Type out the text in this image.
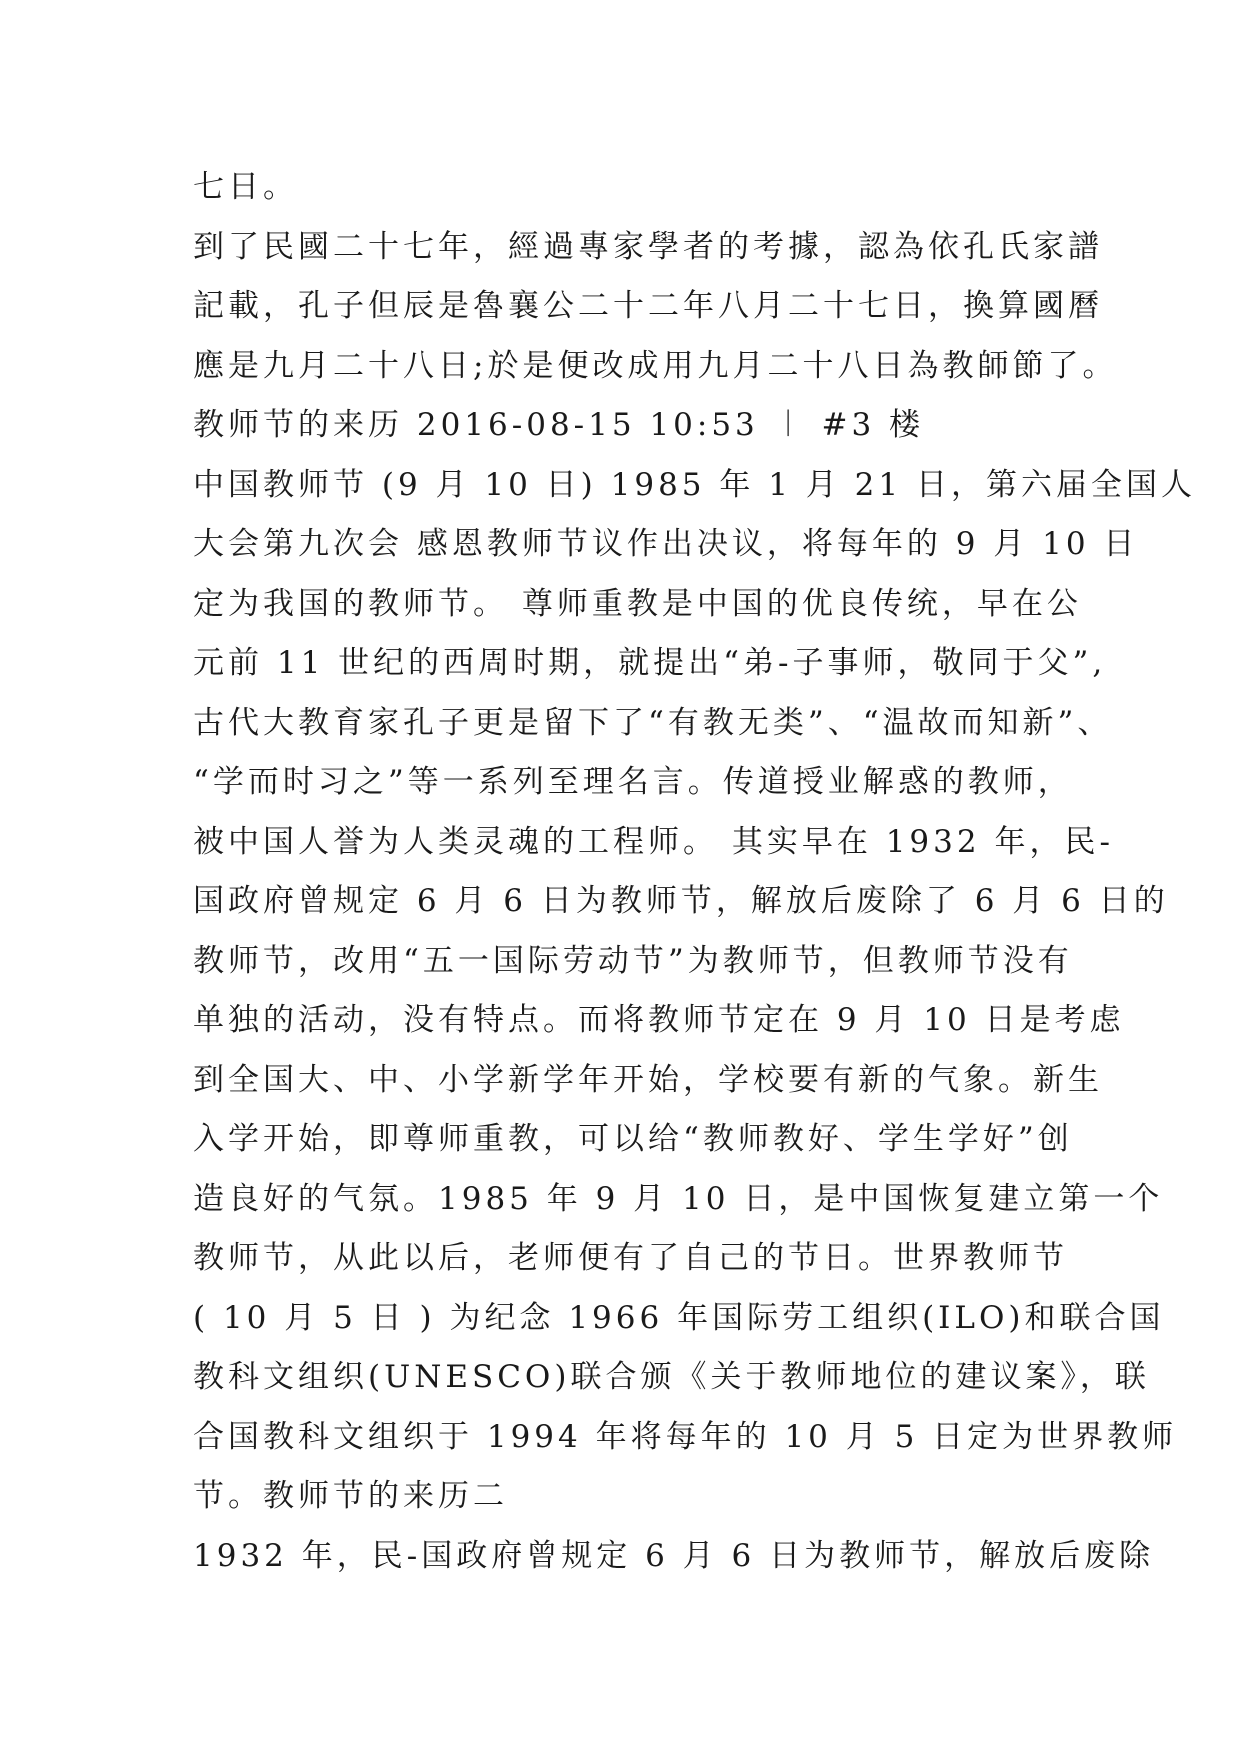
七日。
到了民國二十七年，經過專家學者的考據，認為依孔氏家譜
記載，孔子但辰是魯襄公二十二年八月二十七日，換算國曆
應是九月二十八日;於是便改成用九月二十八日為教師節了。
教师节的来历 2016-08-15 10:53 ︱ #3 楼
中国教师节 (9 月 10 日) 1985 年 1 月 21 日，第六届全国人
大会第九次会 感恩教师节议作出决议，将每年的 9 月 10 日
定为我国的教师节。 尊师重教是中国的优良传统，早在公
元前 11 世纪的西周时期，就提出“弟-子事师，敬同于父”,
古代大教育家孔子更是留下了“有教无类”、“温故而知新”、
“学而时习之”等一系列至理名言。传道授业解惑的教师，
被中国人誉为人类灵魂的工程师。 其实早在 1932 年，民-
国政府曾规定 6 月 6 日为教师节，解放后废除了 6 月 6 日的
教师节，改用“五一国际劳动节”为教师节，但教师节没有
单独的活动，没有特点。而将教师节定在 9 月 10 日是考虑
到全国大、中、小学新学年开始，学校要有新的气象。新生
入学开始，即尊师重教，可以给“教师教好、学生学好”创
造良好的气氛。1985 年 9 月 10 日，是中国恢复建立第一个
教师节，从此以后，老师便有了自己的节日。世界教师节
( 10 月 5 日 ) 为纪念 1966 年国际劳工组织(ILO)和联合国
教科文组织(UNESCO)联合颁《关于教师地位的建议案》，联
合国教科文组织于 1994 年将每年的 10 月 5 日定为世界教师
节。教师节的来历二
1932 年，民-国政府曾规定 6 月 6 日为教师节，解放后废除
